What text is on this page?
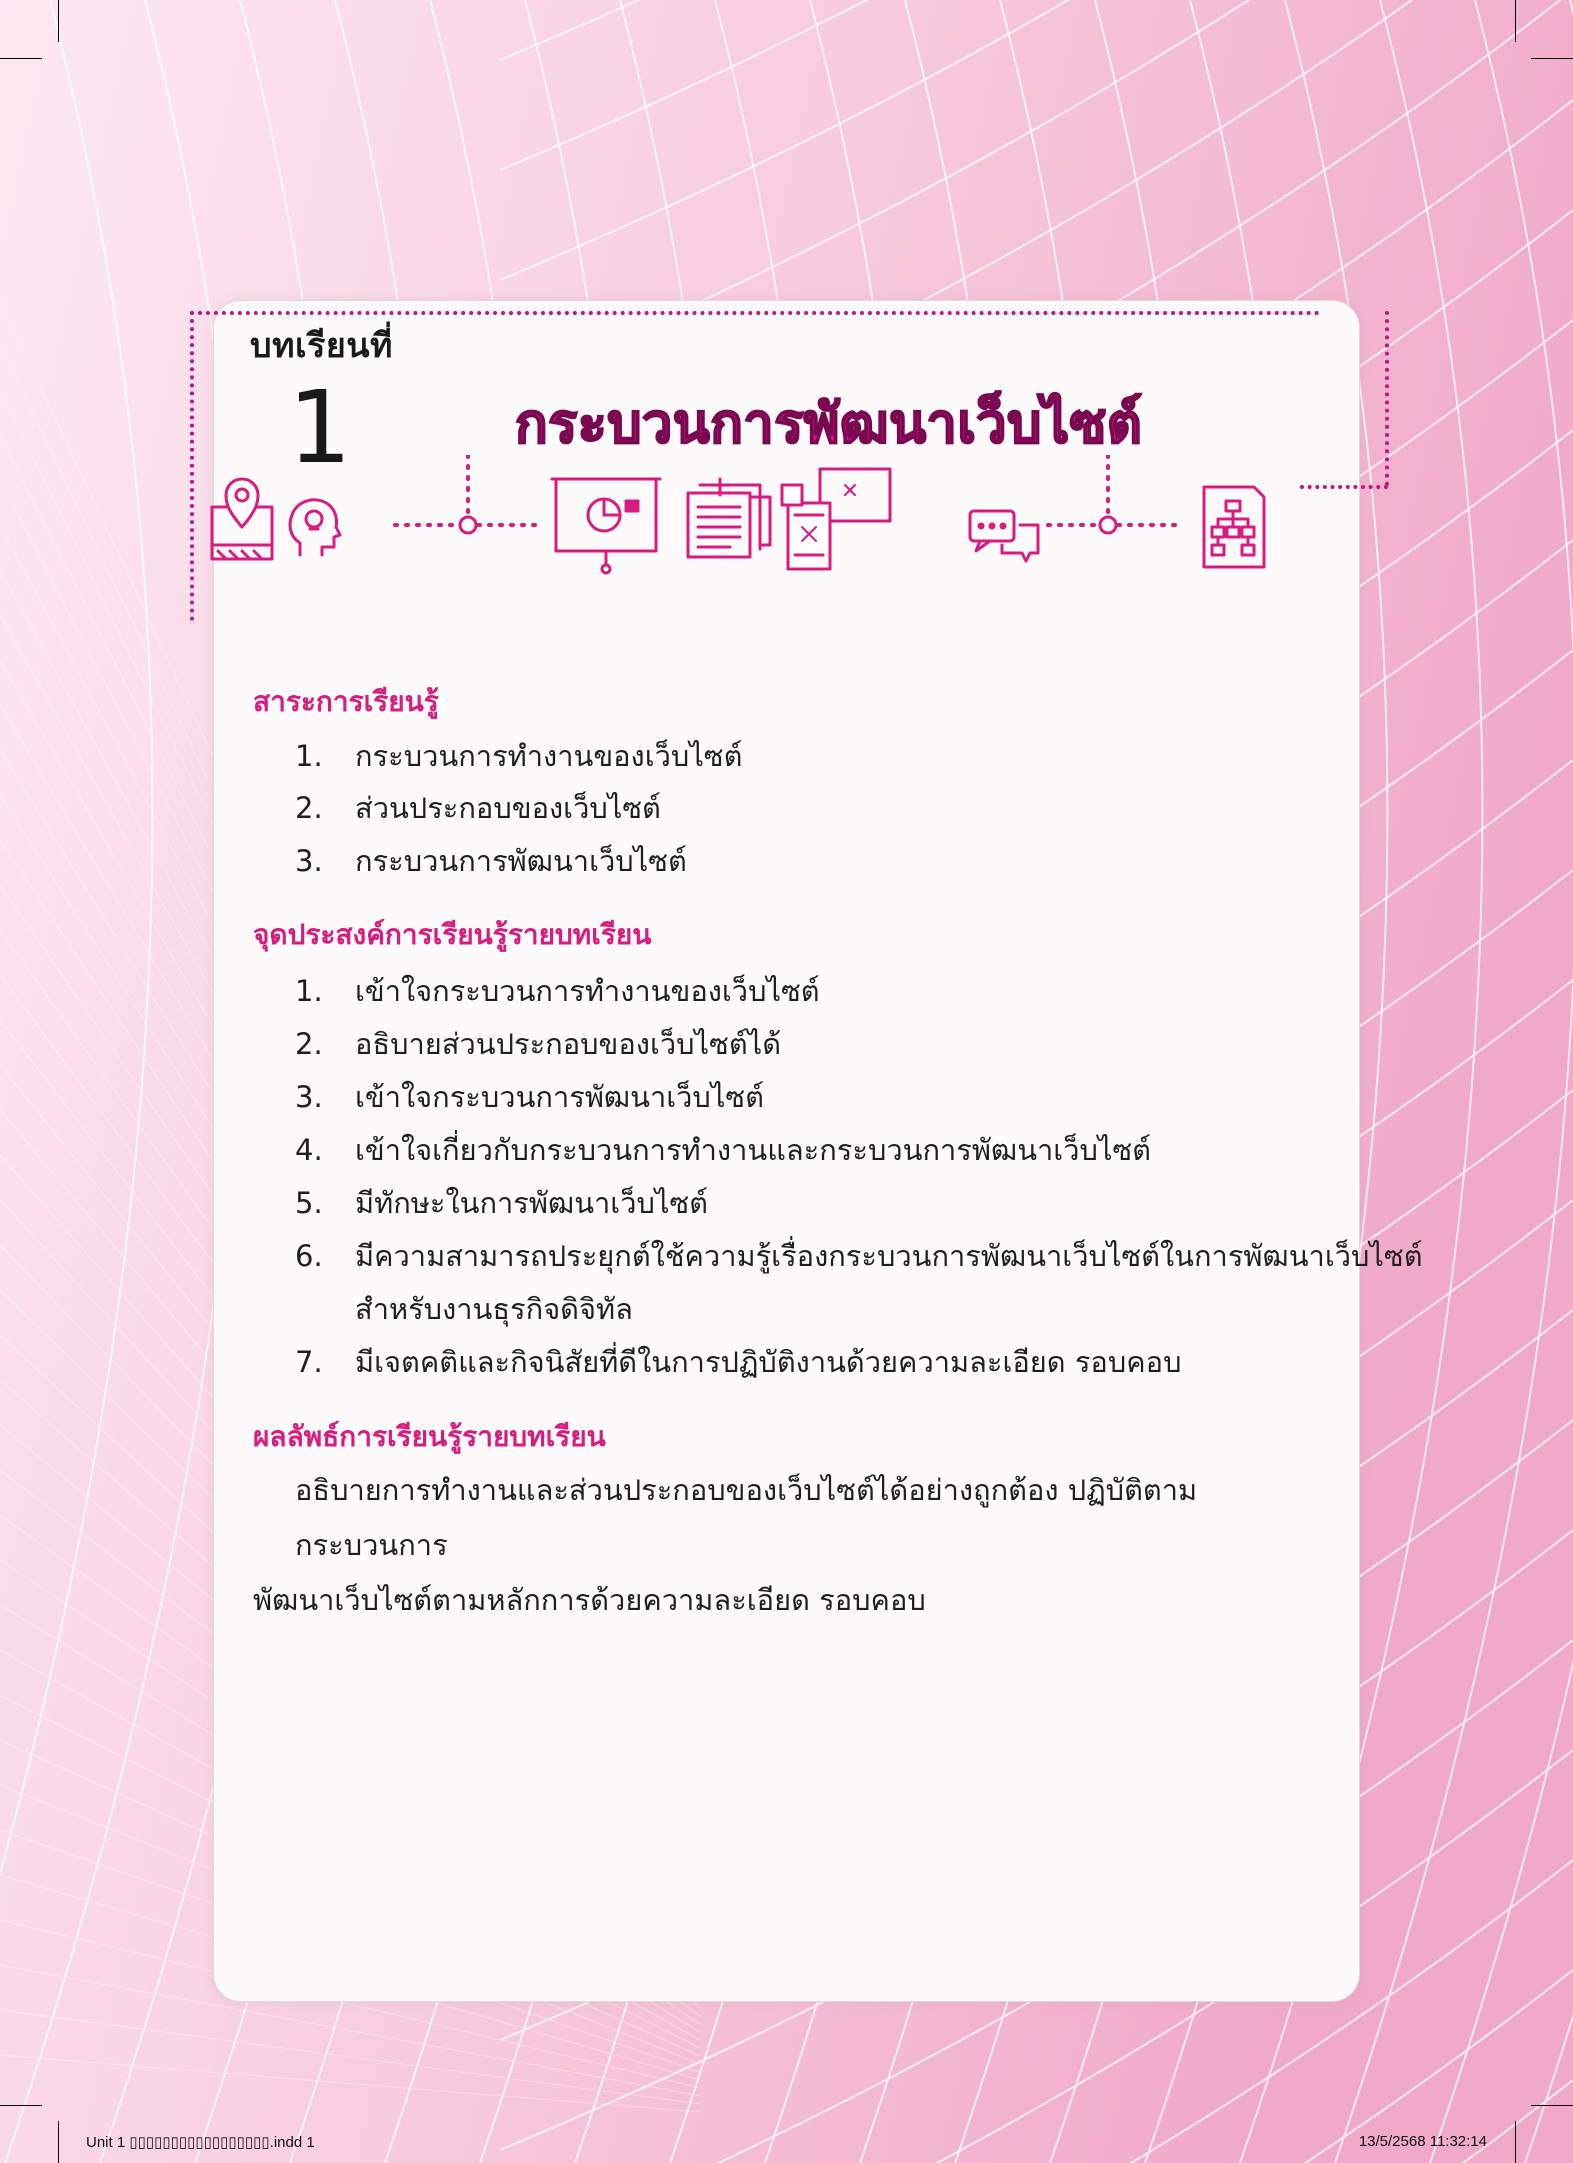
บทเรียนที่
1	กระบวนการพัฒนาเว็บไซต์
สาระการเรียนรู้
1. กระบวนการทำงานของเว็บไซต์
2. ส่วนประกอบของเว็บไซต์
3. กระบวนการพัฒนาเว็บไซต์
จุดประสงค์การเรียนรู้รายบทเรียน
1. เข้าใจกระบวนการทำงานของเว็บไซต์
2. อธิบายส่วนประกอบของเว็บไซต์ได้
3. เข้าใจกระบวนการพัฒนาเว็บไซต์
4. เข้าใจเกี่ยวกับกระบวนการทำงานและกระบวนการพัฒนาเว็บไซต์
5. มีทักษะในการพัฒนาเว็บไซต์
6. มีความสามารถประยุกต์ใช้ความรู้เรื่องกระบวนการพัฒนาเว็บไซต์ในการพัฒนาเว็บไซต์
สำหรับงานธุรกิจดิจิทัล
7. มีเจตคติและกิจนิสัยที่ดีในการปฏิบัติงานด้วยความละเอียด รอบคอบ
ผลลัพธ์การเรียนรู้รายบทเรียน
อธิบายการทำงานและส่วนประกอบของเว็บไซต์ได้อย่างถูกต้อง ปฏิบัติตามกระบวนการ
พัฒนาเว็บไซต์ตามหลักการด้วยความละเอียด รอบคอบ
Unit 1 ▯▯▯▯▯▯▯▯▯▯▯▯▯▯▯▯▯.indd 1	13/5/2568 11:32:14
